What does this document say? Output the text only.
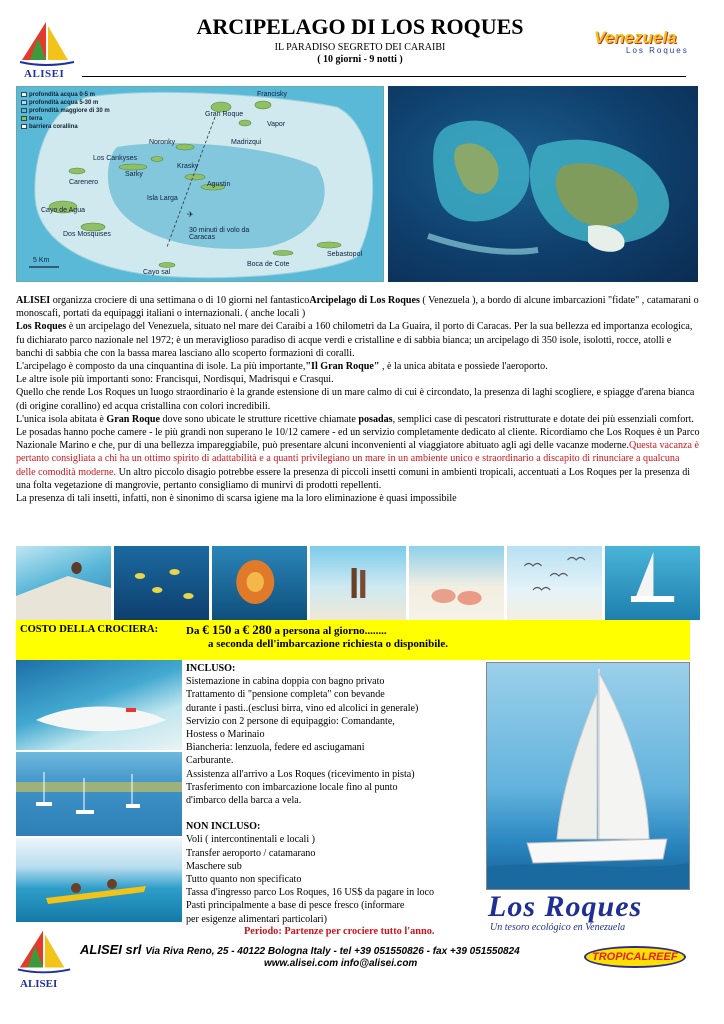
ALISEI
ARCIPELAGO DI LOS ROQUES
IL PARADISO SEGRETO DEI CARAIBI
( 10 giorni - 9 notti )
Venezuela
Los Roques
✈
profondità acqua 0-5 m
profondità acqua 5-30 m
profondità maggiore di 30 m
terra
barriera corallina
Gran Roque
Francisky
Noronky
Vapor
Madrizqui
Los Cankyses
Krasky
Carenero
Sarky
Agustin
Isla Larga
Cayo de Agua
Dos Mosquises
30 minuti di volo da Caracas
Sebastopol
Cayo sal
Boca de Cote
5 Km

ALISEI organizza crociere di una settimana o di 10 giorni nel fantasticoArcipelago di Los Roques ( Venezuela ), a bordo di alcune imbarcazioni "fidate" , catamarani o monoscafi, portati da equipaggi italiani o internazionali. ( anche locali )

Los Roques è un arcipelago del Venezuela, situato nel mare dei Caraibi a 160 chilometri da La Guaira, il porto di Caracas. Per la sua bellezza ed importanza ecologica, fu dichiarato parco nazionale nel 1972; è un meraviglioso paradiso di acque verdi e cristalline e di sabbia bianca; un arcipelago di 350 isole, isolotti, rocce, atolli e banchi di sabbia che con la bassa marea lasciano allo scoperto formazioni di coralli.

L'arcipelago è composto da una cinquantina di isole. La più importante,"Il Gran Roque" , è la unica abitata e possiede l'aeroporto.

Le altre isole più importanti sono: Francisqui, Nordisqui, Madrisqui e Crasqui.

Quello che rende Los Roques un luogo straordinario è la grande estensione di un mare calmo di cui è circondato, la presenza di laghi scogliere, e spiagge d'arena bianca (di origine corallino) ed acqua cristallina con colori incredibili.

L'unica isola abitata è Gran Roque dove sono ubicate le strutture ricettive chiamate posadas, semplici case di pescatori ristrutturate e dotate dei più essenziali comfort. Le posadas hanno poche camere - le più grandi non superano le 10/12 camere - ed un servizio completamente dedicato al cliente. Ricordiamo che Los Roques è un Parco Nazionale Marino e che, pur di una bellezza impareggiabile, può presentare alcuni inconvenienti al viaggiatore abituato agli agi delle vacanze moderne.Questa vacanza è pertanto consigliata a chi ha un ottimo spirito di adattabilità e a quanti privilegiano un mare in un ambiente unico e straordinario a discapito di rinunciare a qualcuna delle comodità moderne. Un altro piccolo disagio potrebbe essere la presenza di piccoli insetti comuni in ambienti tropicali, accentuati a Los Roques per la presenza di una folta vegetazione di mangrovie, pertanto consigliamo di munirvi di prodotti repellenti.

La presenza di tali insetti, infatti, non è sinonimo di scarsa igiene ma la loro eliminazione è quasi impossibile

COSTO DELLA CROCIERA:	Da € 150 a € 280 a persona al giorno........
a seconda dell'imbarcazione richiesta o disponibile.
INCLUSO:
Sistemazione in cabina doppia con bagno privato
Trattamento di "pensione completa" con bevande
durante i pasti..(esclusi birra, vino ed alcolici in generale)
Servizio con 2 persone di equipaggio: Comandante,
Hostess o Marinaio
Biancheria: lenzuola, federe ed asciugamani
Carburante.
Assistenza all'arrivo a Los Roques (ricevimento in pista)
Trasferimento con imbarcazione locale fino al punto
d'imbarco della barca a vela.
NON INCLUSO:
Voli ( intercontinentali e locali )
Transfer aeroporto / catamarano
Maschere sub
Tutto quanto non specificato
Tassa d'ingresso parco Los Roques, 16 US$ da pagare in loco
Pasti principalmente a base di pesce fresco (informare
per esigenze alimentari particolari)
Periodo: Partenze per crociere tutto l'anno.
Los Roques
Un tesoro ecológico en Venezuela
ALISEI
ALISEI srl Via Riva Reno, 25 - 40122 Bologna Italy - tel +39 051550826 - fax +39 051550824
www.alisei.com info@alisei.com
TROPICALREEF
